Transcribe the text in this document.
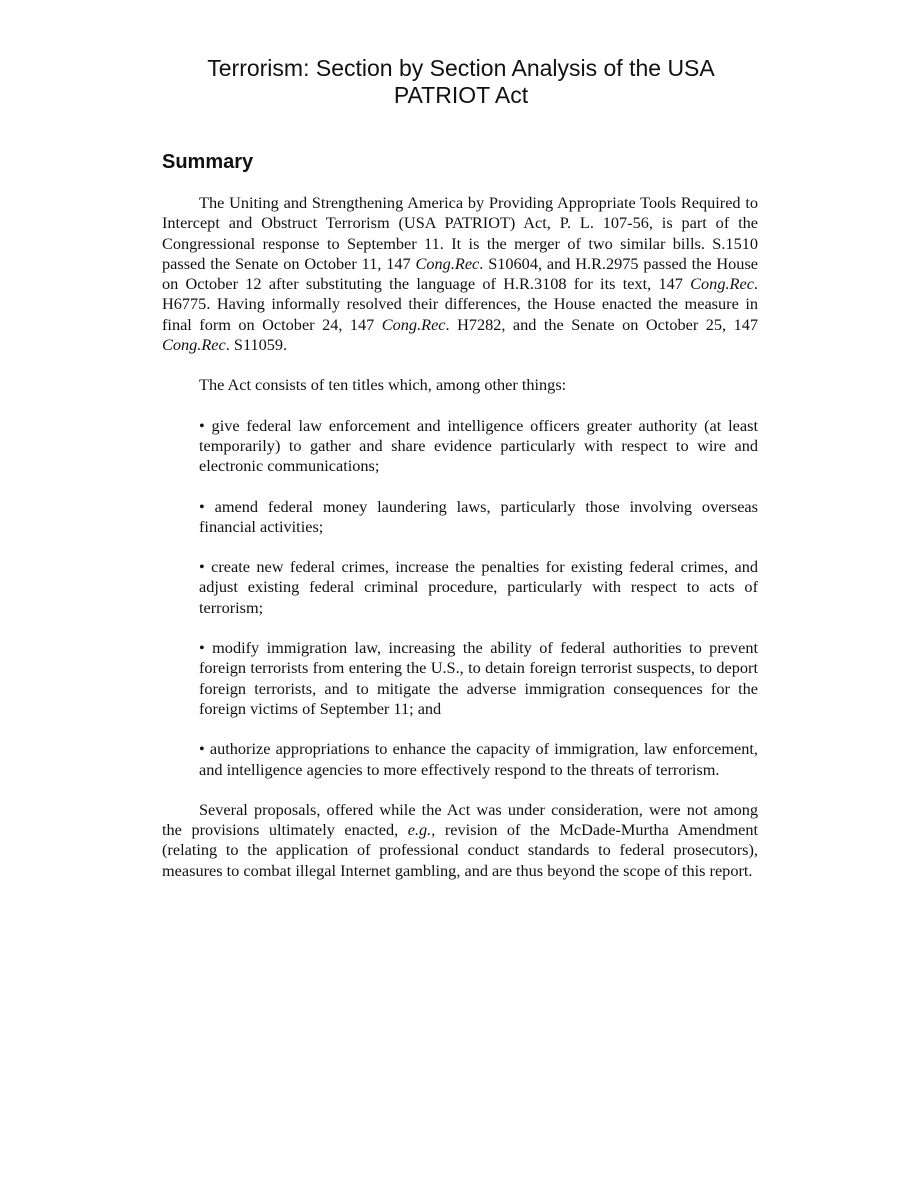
Terrorism: Section by Section Analysis of the USA PATRIOT Act
Summary

The Uniting and Strengthening America by Providing Appropriate Tools Required to Intercept and Obstruct Terrorism (USA PATRIOT) Act, P. L. 107-56, is part of the Congressional response to September 11. It is the merger of two similar bills. S.1510 passed the Senate on October 11, 147 Cong.Rec. S10604, and H.R.2975 passed the House on October 12 after substituting the language of H.R.3108 for its text, 147 Cong.Rec. H6775. Having informally resolved their differences, the House enacted the measure in final form on October 24, 147 Cong.Rec. H7282, and the Senate on October 25, 147 Cong.Rec. S11059.

The Act consists of ten titles which, among other things:

• give federal law enforcement and intelligence officers greater authority (at least temporarily) to gather and share evidence particularly with respect to wire and electronic communications;
• amend federal money laundering laws, particularly those involving overseas financial activities;
• create new federal crimes, increase the penalties for existing federal crimes, and adjust existing federal criminal procedure, particularly with respect to acts of terrorism;
• modify immigration law, increasing the ability of federal authorities to prevent foreign terrorists from entering the U.S., to detain foreign terrorist suspects, to deport foreign terrorists, and to mitigate the adverse immigration consequences for the foreign victims of September 11; and
• authorize appropriations to enhance the capacity of immigration, law enforcement, and intelligence agencies to more effectively respond to the threats of terrorism.

Several proposals, offered while the Act was under consideration, were not among the provisions ultimately enacted, e.g., revision of the McDade-Murtha Amendment (relating to the application of professional conduct standards to federal prosecutors), measures to combat illegal Internet gambling, and are thus beyond the scope of this report.
